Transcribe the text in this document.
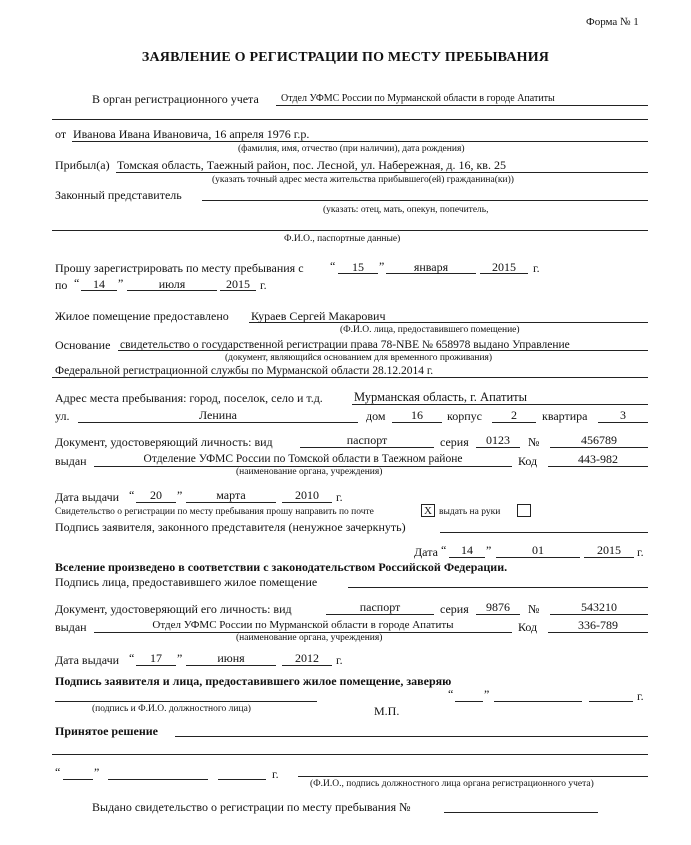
Форма № 1
ЗАЯВЛЕНИЕ О РЕГИСТРАЦИИ ПО МЕСТУ ПРЕБЫВАНИЯ
В орган регистрационного учета Отдел УФМС России по Мурманской области в городе Апатиты
от Иванова Ивана Ивановича, 16 апреля 1976 г.р.
(фамилия, имя, отчество (при наличии), дата рождения)
Прибыл(а) Томская область, Таежный район, пос. Лесной, ул. Набережная, д. 16, кв. 25
(указать точный адрес места жительства прибывшего(ей) гражданина(ки))
Законный представитель
(указать: отец, мать, опекун, попечитель,
Ф.И.О., паспортные данные)
Прошу зарегистрировать по месту пребывания с “	15	”	января	2015	г.
по “	14	”	июля	2015 г.
Жилое помещение предоставлено Кураев Сергей Макарович
(Ф.И.О. лица, предоставившего помещение)
Основание свидетельство о государственной регистрации права 78-NBE № 658978 выдано Управление
(документ, являющийся основанием для временного проживания)
Федеральной регистрационной службы по Мурманской области 28.12.2014 г.
Адрес места пребывания: город, поселок, село и т.д. Мурманская область, г. Апатиты
ул.	Ленина	дом	16	корпус	2	квартира	3
Документ, удостоверяющий личность: вид	паспорт	серия	0123	№	456789
выдан	Отделение УФМС России по Томской области в Таежном районе	Код	443-982
(наименование органа, учреждения)
Дата выдачи “	20	”	марта	2010	г.
Свидетельство о регистрации по месту пребывания прошу направить по почте	X выдать на руки
Подпись заявителя, законного представителя (ненужное зачеркнуть)
Дата “	14	”	01	2015	г.
Вселение произведено в соответствии с законодательством Российской Федерации.
Подпись лица, предоставившего жилое помещение
Документ, удостоверяющий его личность: вид	паспорт	серия	9876	№	543210
выдан	Отдел УФМС России по Мурманской области в городе Апатиты	Код	336-789
(наименование органа, учреждения)
Дата выдачи “	17	”	июня	2012	г.
Подпись заявителя и лица, предоставившего жилое помещение, заверяю
“	”	г.
(подпись и Ф.И.О. должностного лица)	М.П.
Принятое решение
“	”	г.
(Ф.И.О., подпись должностного лица органа регистрационного учета)
Выдано свидетельство о регистрации по месту пребывания №
